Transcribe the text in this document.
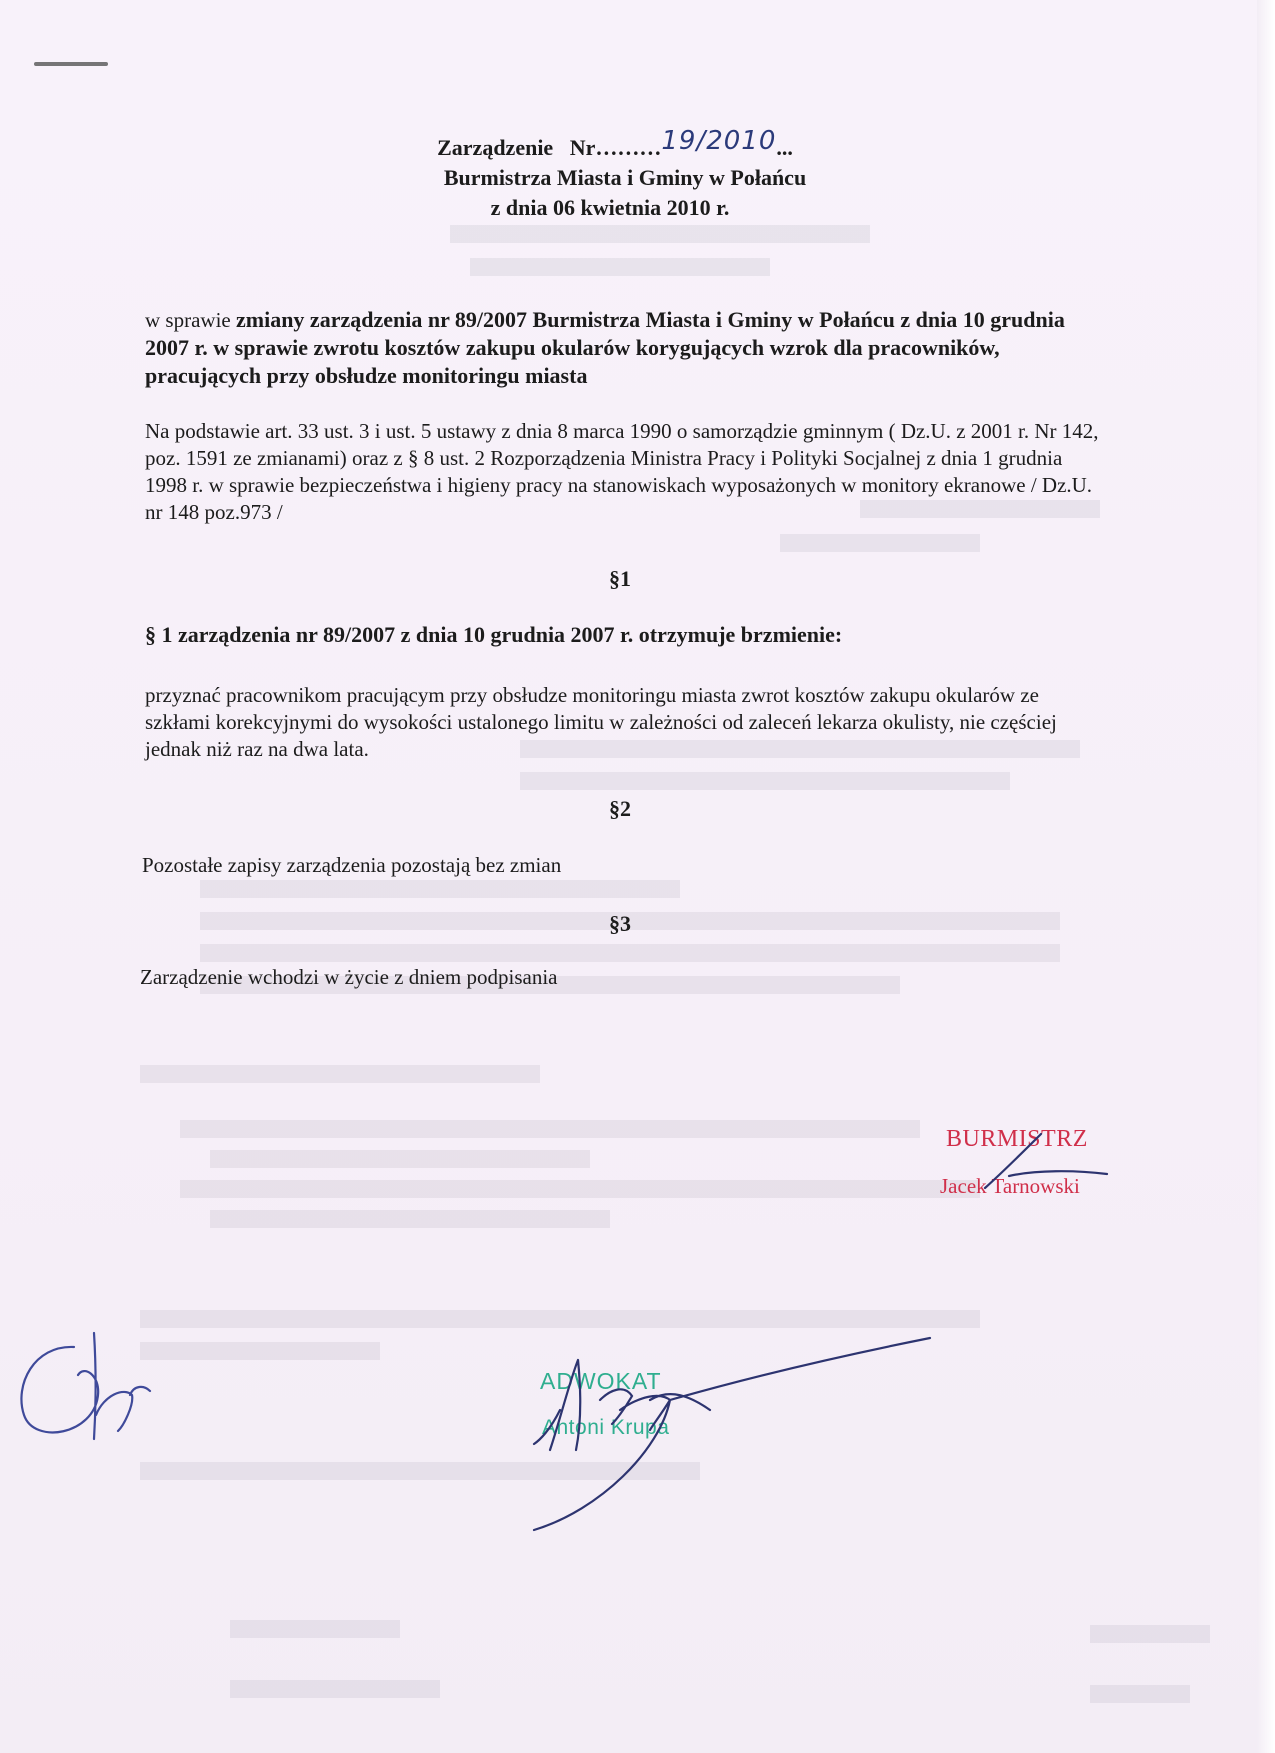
Zarządzenie Nr………19/2010...
Burmistrza Miasta i Gminy w Połańcu
z dnia 06 kwietnia 2010 r.
w sprawie zmiany zarządzenia nr 89/2007 Burmistrza Miasta i Gminy w Połańcu z dnia 10 grudnia 2007 r. w sprawie zwrotu kosztów zakupu okularów korygujących wzrok dla pracowników, pracujących przy obsłudze monitoringu miasta
Na podstawie art. 33 ust. 3 i ust. 5 ustawy z dnia 8 marca 1990 o samorządzie gminnym ( Dz.U. z 2001 r. Nr 142, poz. 1591 ze zmianami) oraz z § 8 ust. 2 Rozporządzenia Ministra Pracy i Polityki Socjalnej z dnia 1 grudnia 1998 r. w sprawie bezpieczeństwa i higieny pracy na stanowiskach wyposażonych w monitory ekranowe / Dz.U. nr 148 poz.973 /
§1
§ 1 zarządzenia nr 89/2007 z dnia 10 grudnia 2007 r. otrzymuje brzmienie:
przyznać pracownikom pracującym przy obsłudze monitoringu miasta zwrot kosztów zakupu okularów ze szkłami korekcyjnymi do wysokości ustalonego limitu w zależności od zaleceń lekarza okulisty, nie częściej jednak niż raz na dwa lata.
§2
Pozostałe zapisy zarządzenia pozostają bez zmian
§3
Zarządzenie wchodzi w życie z dniem podpisania
BURMISTRZ
Jacek Tarnowski
ADWOKAT
Antoni Krupa
